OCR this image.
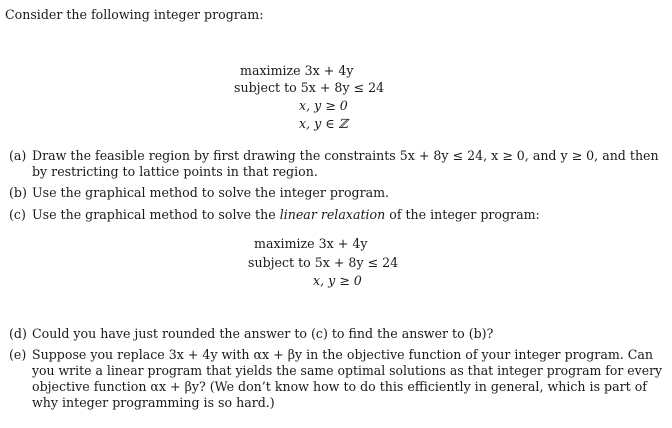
Consider the following integer program:
maximize 3x + 4y
subject to 5x + 8y ≤ 24
x, y ≥ 0
x, y ∈ ℤ
(a) Draw the feasible region by first drawing the constraints 5x + 8y ≤ 24, x ≥ 0, and y ≥ 0, and then
by restricting to lattice points in that region.
(b) Use the graphical method to solve the integer program.
(c) Use the graphical method to solve the linear relaxation of the integer program:
maximize 3x + 4y
subject to 5x + 8y ≤ 24
x, y ≥ 0
(d) Could you have just rounded the answer to (c) to find the answer to (b)?
(e) Suppose you replace 3x + 4y with αx + βy in the objective function of your integer program. Can
you write a linear program that yields the same optimal solutions as that integer program for every
objective function αx + βy? (We don’t know how to do this efficiently in general, which is part of
why integer programming is so hard.)
